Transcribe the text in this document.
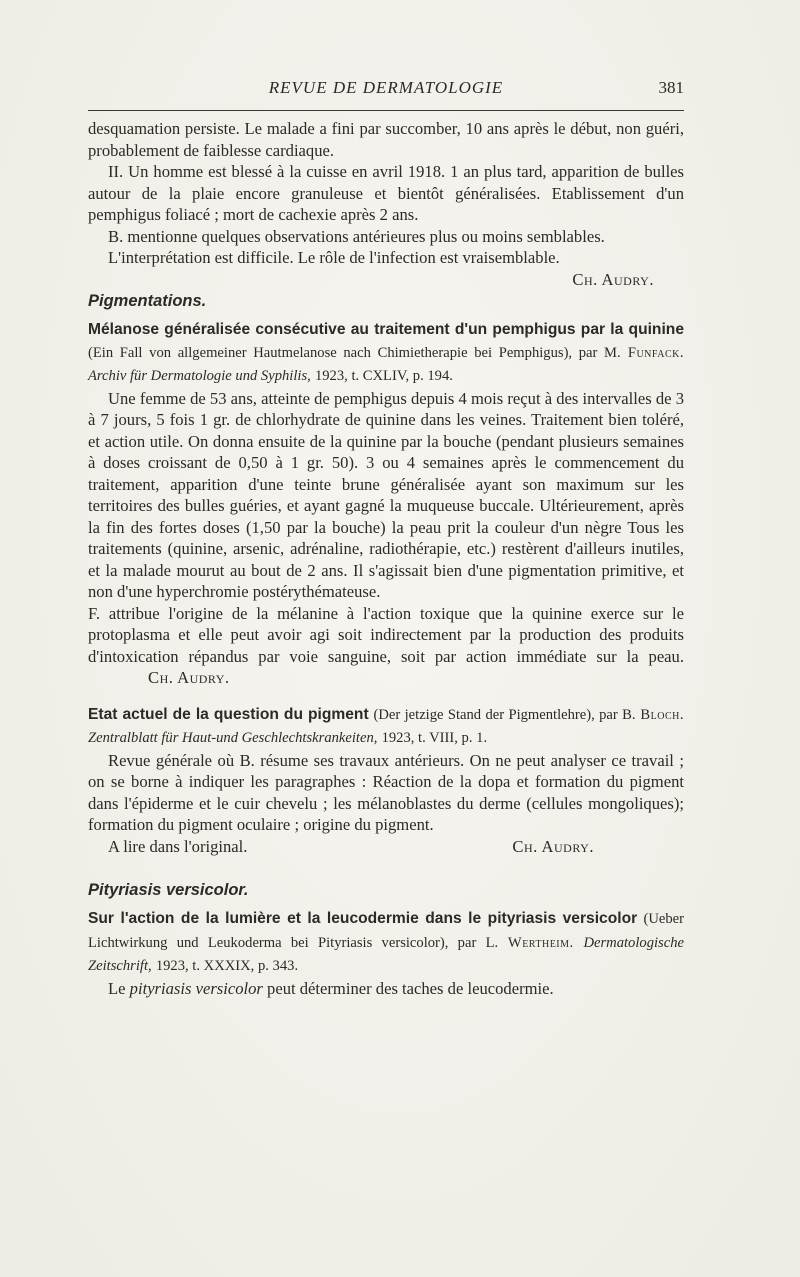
REVUE DE DERMATOLOGIE	381

desquamation persiste. Le malade a fini par succomber, 10 ans après le début, non guéri, probablement de faiblesse cardiaque.

II. Un homme est blessé à la cuisse en avril 1918. 1 an plus tard, apparition de bulles autour de la plaie encore granuleuse et bientôt généralisées. Etablissement d'un pemphigus foliacé ; mort de cachexie après 2 ans.

B. mentionne quelques observations antérieures plus ou moins semblables.

L'interprétation est difficile. Le rôle de l'infection est vraisemblable.

Ch. Audry.

Pigmentations.

Mélanose généralisée consécutive au traitement d'un pemphigus par la quinine (Ein Fall von allgemeiner Hautmelanose nach Chimietherapie bei Pemphigus), par M. Funfack. Archiv für Dermatologie und Syphilis, 1923, t. CXLIV, p. 194.

Une femme de 53 ans, atteinte de pemphigus depuis 4 mois reçut à des intervalles de 3 à 7 jours, 5 fois 1 gr. de chlorhydrate de quinine dans les veines. Traitement bien toléré, et action utile. On donna ensuite de la quinine par la bouche (pendant plusieurs semaines à doses croissant de 0,50 à 1 gr. 50). 3 ou 4 semaines après le commencement du traitement, apparition d'une teinte brune généralisée ayant son maximum sur les territoires des bulles guéries, et ayant gagné la muqueuse buccale. Ultérieurement, après la fin des fortes doses (1,50 par la bouche) la peau prit la couleur d'un nègre Tous les traitements (quinine, arsenic, adrénaline, radiothérapie, etc.) restèrent d'ailleurs inutiles, et la malade mourut au bout de 2 ans. Il s'agissait bien d'une pigmentation primitive, et non d'une hyperchromie postérythémateuse.

F. attribue l'origine de la mélanine à l'action toxique que la quinine exerce sur le protoplasma et elle peut avoir agi soit indirectement par la production des produits d'intoxication répandus par voie sanguine, soit par action immédiate sur la peau. Ch. Audry.

Etat actuel de la question du pigment (Der jetzige Stand der Pigmentlehre), par B. Bloch. Zentralblatt für Haut-und Geschlechtskrankeiten, 1923, t. VIII, p. 1.

Revue générale où B. résume ses travaux antérieurs. On ne peut analyser ce travail ; on se borne à indiquer les paragraphes : Réaction de la dopa et formation du pigment dans l'épiderme et le cuir chevelu ; les mélanoblastes du derme (cellules mongoliques); formation du pigment oculaire ; origine du pigment.

A lire dans l'original.	Ch. Audry.

Pityriasis versicolor.

Sur l'action de la lumière et la leucodermie dans le pityriasis versicolor (Ueber Lichtwirkung und Leukoderma bei Pityriasis versicolor), par L. Wertheim. Dermatologische Zeitschrift, 1923, t. XXXIX, p. 343.

Le pityriasis versicolor peut déterminer des taches de leucodermie.
